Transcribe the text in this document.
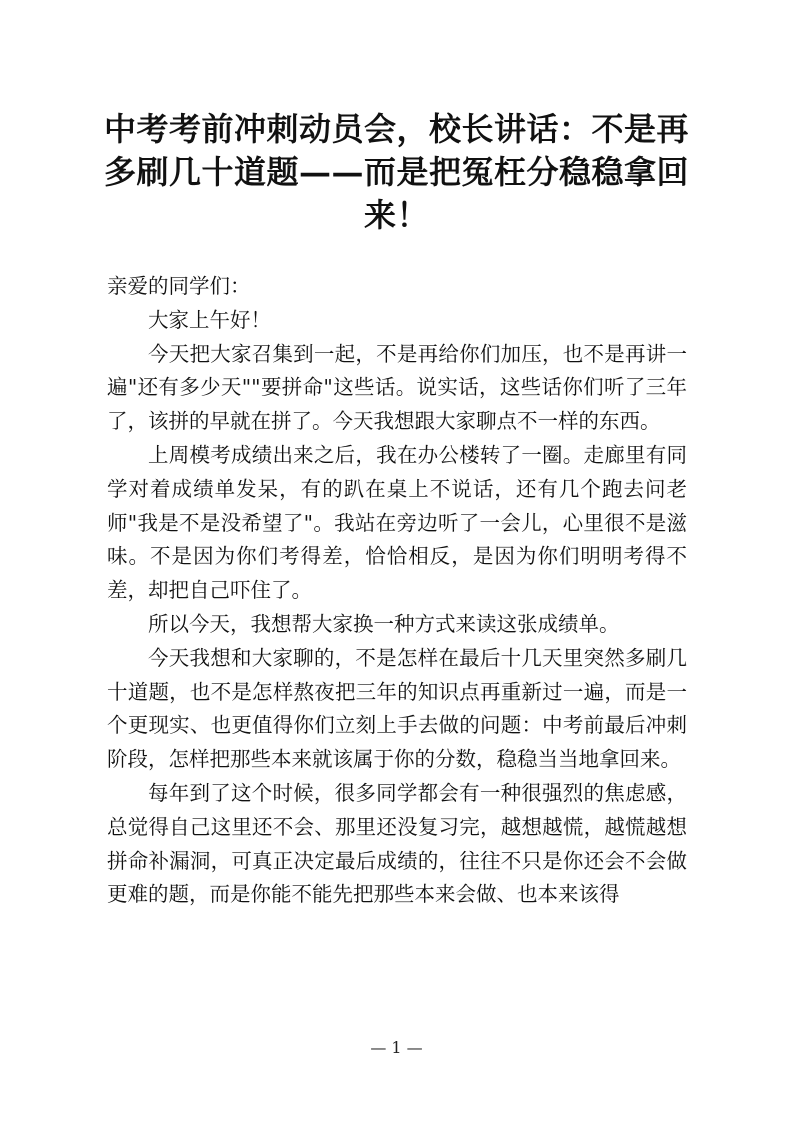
中考考前冲刺动员会，校长讲话：不是再多刷几十道题——而是把冤枉分稳稳拿回来！

亲爱的同学们：

大家上午好！

今天把大家召集到一起，不是再给你们加压，也不是再讲一遍"还有多少天""要拼命"这些话。说实话，这些话你们听了三年了，该拼的早就在拼了。今天我想跟大家聊点不一样的东西。

上周模考成绩出来之后，我在办公楼转了一圈。走廊里有同学对着成绩单发呆，有的趴在桌上不说话，还有几个跑去问老师"我是不是没希望了"。我站在旁边听了一会儿，心里很不是滋味。不是因为你们考得差，恰恰相反，是因为你们明明考得不差，却把自己吓住了。

所以今天，我想帮大家换一种方式来读这张成绩单。

今天我想和大家聊的，不是怎样在最后十几天里突然多刷几十道题，也不是怎样熬夜把三年的知识点再重新过一遍，而是一个更现实、也更值得你们立刻上手去做的问题：中考前最后冲刺阶段，怎样把那些本来就该属于你的分数，稳稳当当地拿回来。

每年到了这个时候，很多同学都会有一种很强烈的焦虑感，总觉得自己这里还不会、那里还没复习完，越想越慌，越慌越想拼命补漏洞，可真正决定最后成绩的，往往不只是你还会不会做更难的题，而是你能不能先把那些本来会做、也本来该得

— 1 —
